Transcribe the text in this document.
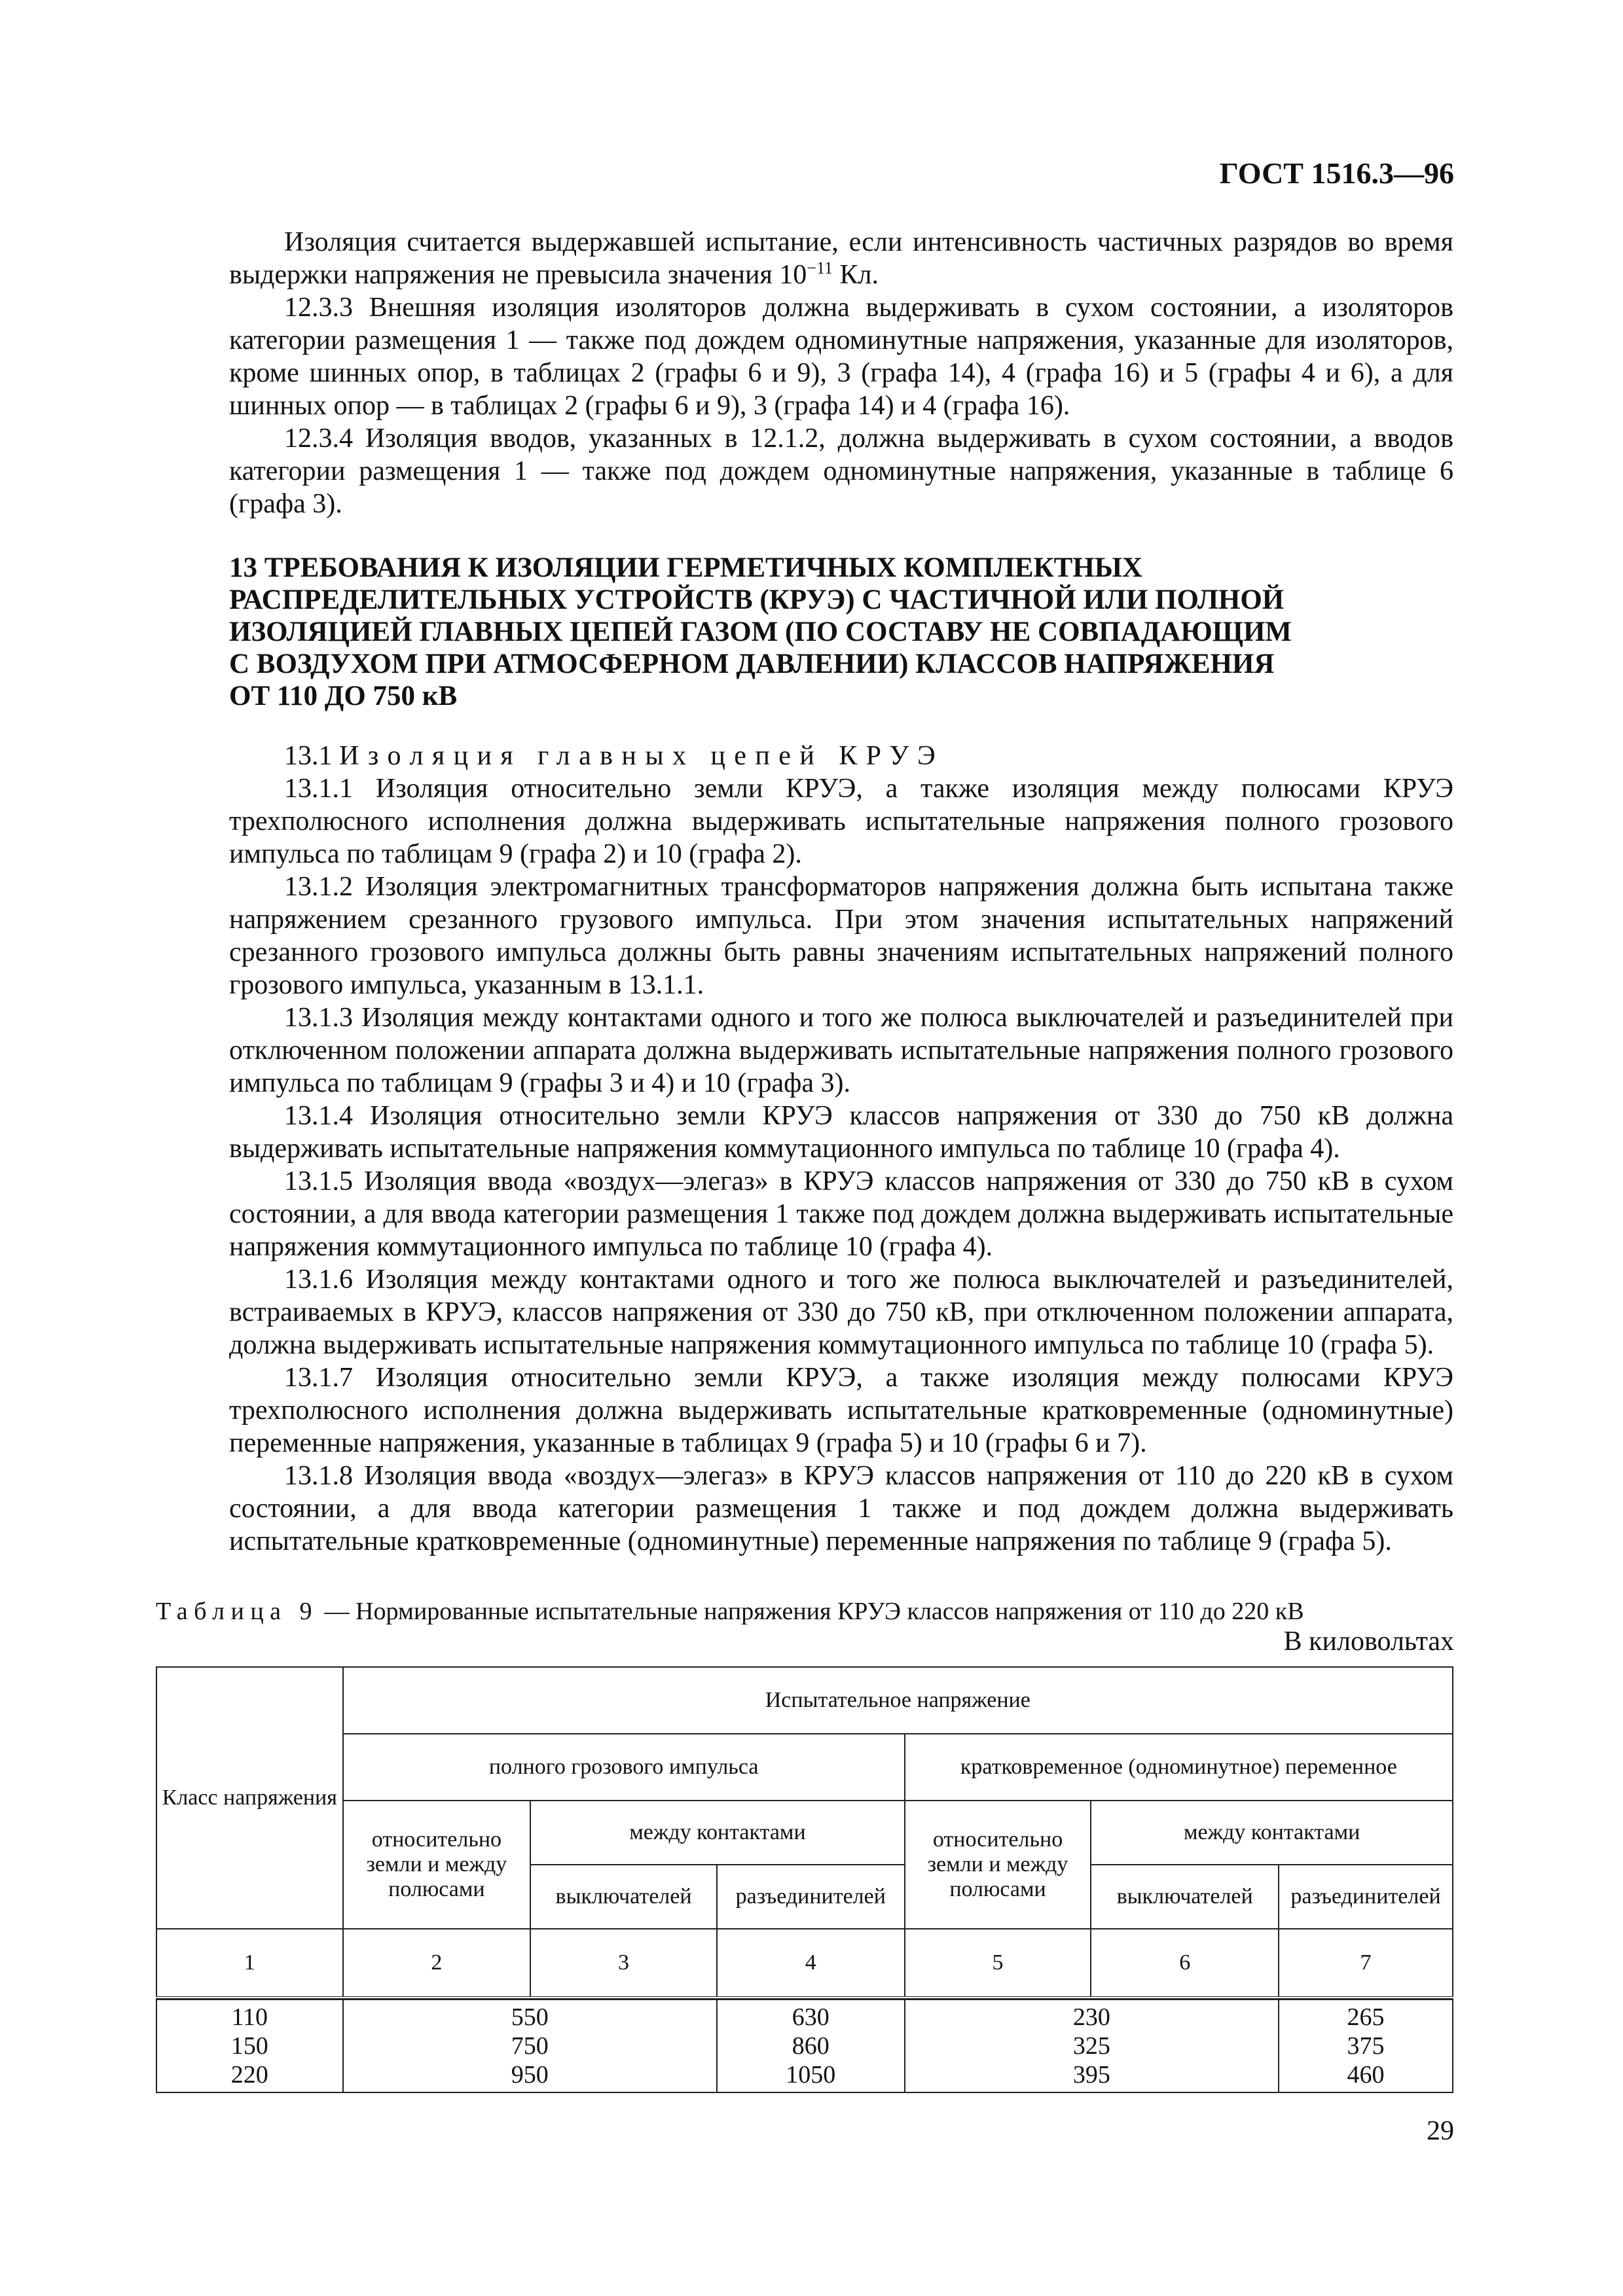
ГОСТ 1516.3—96

Изоляция считается выдержавшей испытание, если интенсивность частичных разрядов во время выдержки напряжения не превысила значения $10^{-11}$ Кл.

12.3.3 Внешняя изоляция изоляторов должна выдерживать в сухом состоянии, а изоляторов категории размещения 1 — также под дождем одноминутные напряжения, указанные для изоляторов, кроме шинных опор, в таблицах 2 (графы 6 и 9), 3 (графа 14), 4 (графа 16) и 5 (графы 4 и 6), а для шинных опор — в таблицах 2 (графы 6 и 9), 3 (графа 14) и 4 (графа 16).

12.3.4 Изоляция вводов, указанных в 12.1.2, должна выдерживать в сухом состоянии, а вводов категории размещения 1 — также под дождем одноминутные напряжения, указанные в таблице 6 (графа 3).

13 ТРЕБОВАНИЯ К ИЗОЛЯЦИИ ГЕРМЕТИЧНЫХ КОМПЛЕКТНЫХ
РАСПРЕДЕЛИТЕЛЬНЫХ УСТРОЙСТВ (КРУЭ) С ЧАСТИЧНОЙ ИЛИ ПОЛНОЙ
ИЗОЛЯЦИЕЙ ГЛАВНЫХ ЦЕПЕЙ ГАЗОМ (ПО СОСТАВУ НЕ СОВПАДАЮЩИМ
С ВОЗДУХОМ ПРИ АТМОСФЕРНОМ ДАВЛЕНИИ) КЛАССОВ НАПРЯЖЕНИЯ
ОТ 110 ДО 750 кВ

13.1 Изоляция главных цепей КРУЭ

13.1.1 Изоляция относительно земли КРУЭ, а также изоляция между полюсами КРУЭ трехполюсного исполнения должна выдерживать испытательные напряжения полного грозового импульса по таблицам 9 (графа 2) и 10 (графа 2).

13.1.2 Изоляция электромагнитных трансформаторов напряжения должна быть испытана также напряжением срезанного грузового импульса. При этом значения испытательных напряжений срезанного грозового импульса должны быть равны значениям испытательных напряжений полного грозового импульса, указанным в 13.1.1.

13.1.3 Изоляция между контактами одного и того же полюса выключателей и разъединителей при отключенном положении аппарата должна выдерживать испытательные напряжения полного грозового импульса по таблицам 9 (графы 3 и 4) и 10 (графа 3).

13.1.4 Изоляция относительно земли КРУЭ классов напряжения от 330 до 750 кВ должна выдерживать испытательные напряжения коммутационного импульса по таблице 10 (графа 4).

13.1.5 Изоляция ввода «воздух—элегаз» в КРУЭ классов напряжения от 330 до 750 кВ в сухом состоянии, а для ввода категории размещения 1 также под дождем должна выдерживать испытательные напряжения коммутационного импульса по таблице 10 (графа 4).

13.1.6 Изоляция между контактами одного и того же полюса выключателей и разъединителей, встраиваемых в КРУЭ, классов напряжения от 330 до 750 кВ, при отключенном положении аппарата, должна выдерживать испытательные напряжения коммутационного импульса по таблице 10 (графа 5).

13.1.7 Изоляция относительно земли КРУЭ, а также изоляция между полюсами КРУЭ трехполюсного исполнения должна выдерживать испытательные кратковременные (одноминутные) переменные напряжения, указанные в таблицах 9 (графа 5) и 10 (графы 6 и 7).

13.1.8 Изоляция ввода «воздух—элегаз» в КРУЭ классов напряжения от 110 до 220 кВ в сухом состоянии, а для ввода категории размещения 1 также и под дождем должна выдерживать испытательные кратковременные (одноминутные) переменные напряжения по таблице 9 (графа 5).

Таблица 9 — Нормированные испытательные напряжения КРУЭ классов напряжения от 110 до 220 кВ
В киловольтах
Класс напряжения	Испытательное напряжение					
	полного грозового импульса			кратковременное (одноминутное) переменное		
	относительно земли и между полюсами	между контактами		относительно земли и между полюсами	между контактами	
		выключателей	разъединителей		выключателей	разъединителей
1	2	3	4	5	6	7

110	550		630	230		265
150	750		860	325		375
220	950		1050	395		460
29
